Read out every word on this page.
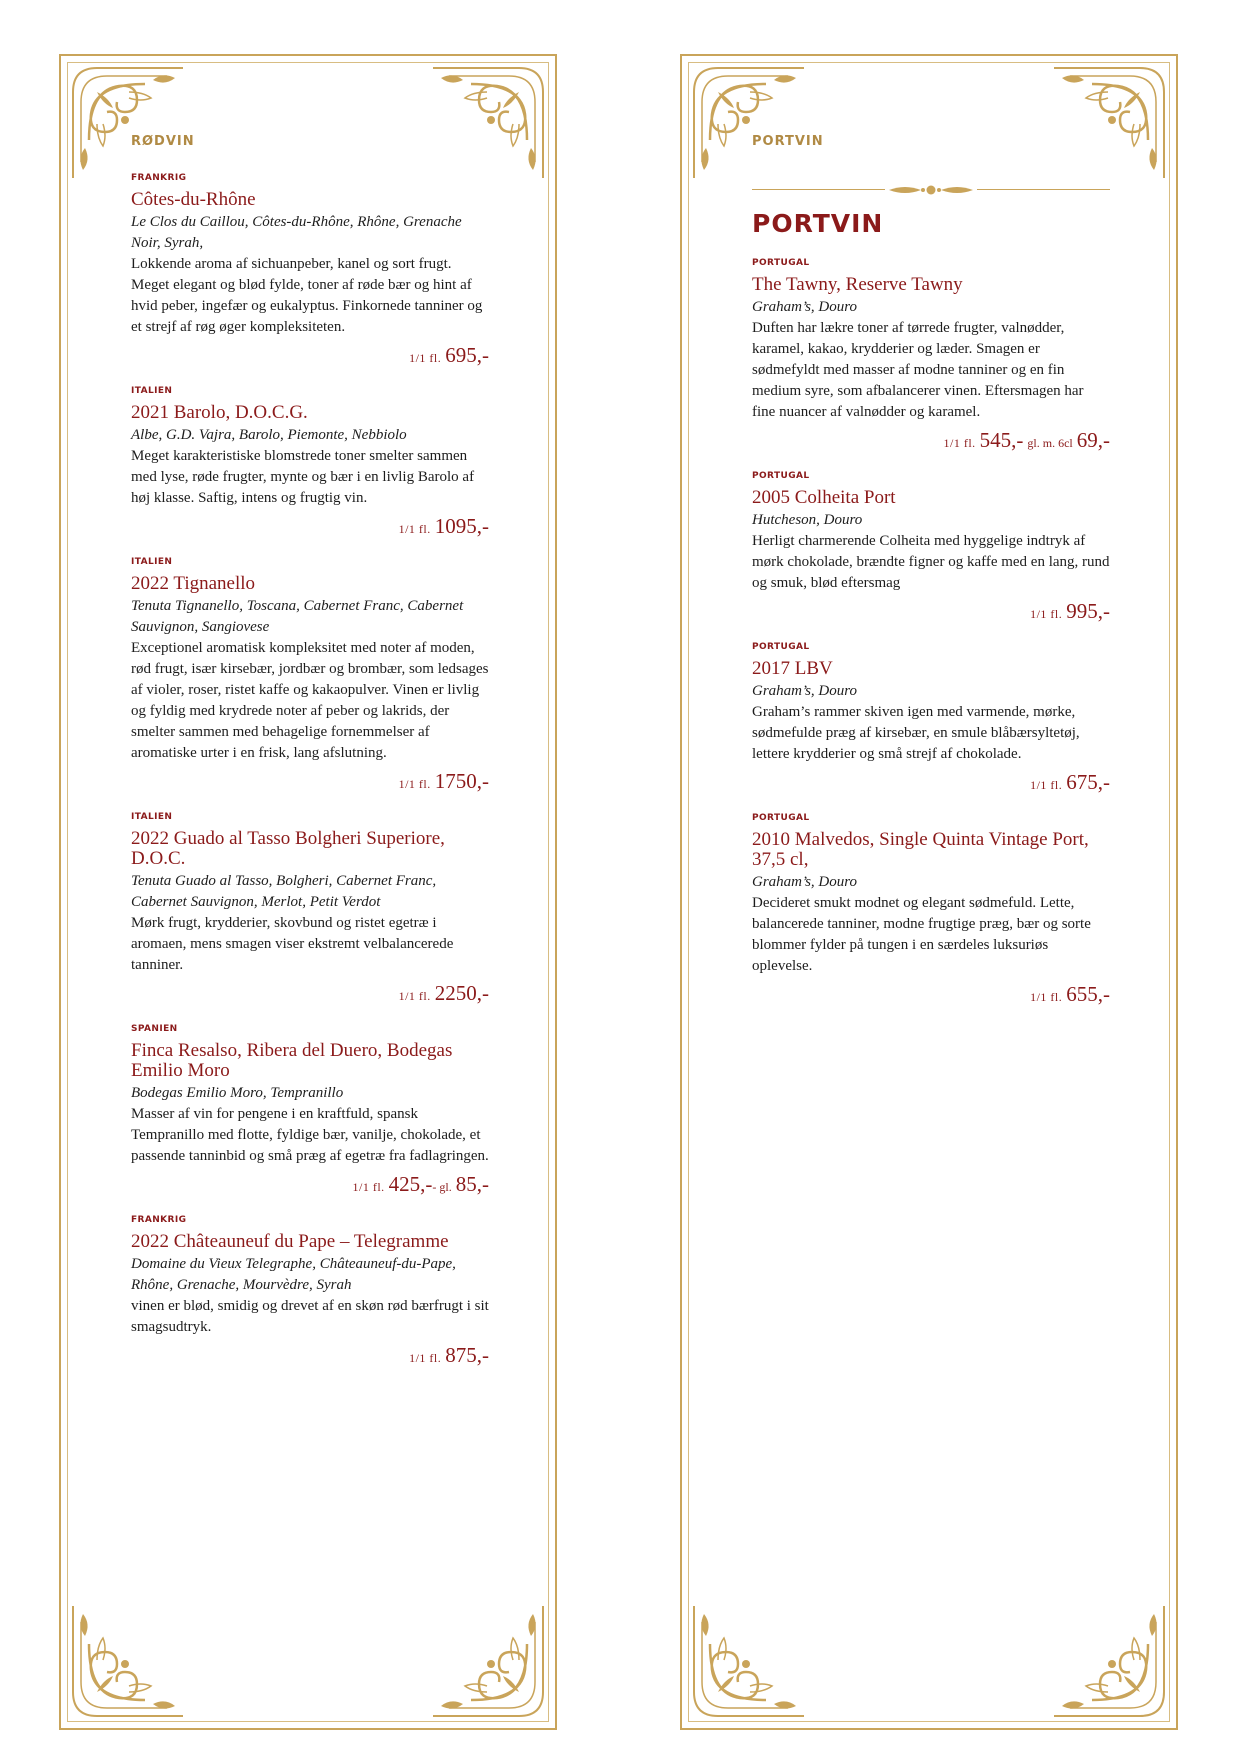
RØDVIN
FRANKRIG
Côtes-du-Rhône
Le Clos du Caillou, Côtes-du-Rhône, Rhône, Grenache Noir, Syrah,
Lokkende aroma af sichuanpeber, kanel og sort frugt. Meget elegant og blød fylde, toner af røde bær og hint af hvid peber, ingefær og eukalyptus. Finkornede tanniner og et strejf af røg øger kompleksiteten.
1/1 fl. 695,-
ITALIEN
2021 Barolo, D.O.C.G.
Albe, G.D. Vajra, Barolo, Piemonte, Nebbiolo
Meget karakteristiske blomstrede toner smelter sammen med lyse, røde frugter, mynte og bær i en livlig Barolo af høj klasse. Saftig, intens og frugtig vin.
1/1 fl. 1095,-
ITALIEN
2022 Tignanello
Tenuta Tignanello, Toscana, Cabernet Franc, Cabernet Sauvignon, Sangiovese
Exceptionel aromatisk kompleksitet med noter af moden, rød frugt, især kirsebær, jordbær og brombær, som ledsages af violer, roser, ristet kaffe og kakaopulver. Vinen er livlig og fyldig med krydrede noter af peber og lakrids, der smelter sammen med behagelige fornemmelser af aromatiske urter i en frisk, lang afslutning.
1/1 fl. 1750,-
ITALIEN
2022 Guado al Tasso Bolgheri Superiore, D.O.C.
Tenuta Guado al Tasso, Bolgheri, Cabernet Franc, Cabernet Sauvignon, Merlot, Petit Verdot
Mørk frugt, krydderier, skovbund og ristet egetræ i aromaen, mens smagen viser ekstremt velbalancerede tanniner.
1/1 fl. 2250,-
SPANIEN
Finca Resalso, Ribera del Duero, Bodegas Emilio Moro
Bodegas Emilio Moro, Tempranillo
Masser af vin for pengene i en kraftfuld, spansk Tempranillo med flotte, fyldige bær, vanilje, chokolade, et passende tanninbid og små præg af egetræ fra fadlagringen.
1/1 fl. 425,-- gl. 85,-
FRANKRIG
2022 Châteauneuf du Pape – Telegramme
Domaine du Vieux Telegraphe, Châteauneuf-du-Pape, Rhône, Grenache, Mourvèdre, Syrah
vinen er blød, smidig og drevet af en skøn rød bærfrugt i sit smagsudtryk.
1/1 fl. 875,-
PORTVIN
PORTVIN
PORTUGAL
The Tawny, Reserve Tawny
Graham’s, Douro
Duften har lækre toner af tørrede frugter, valnødder, karamel, kakao, krydderier og læder. Smagen er sødmefyldt med masser af modne tanniner og en fin medium syre, som afbalancerer vinen. Eftersmagen har fine nuancer af valnødder og karamel.
1/1 fl. 545,- gl. m. 6cl 69,-
PORTUGAL
2005 Colheita Port
Hutcheson, Douro
Herligt charmerende Colheita med hyggelige indtryk af mørk chokolade, brændte figner og kaffe med en lang, rund og smuk, blød eftersmag
1/1 fl. 995,-
PORTUGAL
2017 LBV
Graham’s, Douro
Graham’s rammer skiven igen med varmende, mørke, sødmefulde præg af kirsebær, en smule blåbærsyltetøj, lettere krydderier og små strejf af chokolade.
1/1 fl. 675,-
PORTUGAL
2010 Malvedos, Single Quinta Vintage Port, 37,5 cl,
Graham’s, Douro
Decideret smukt modnet og elegant sødmefuld. Lette, balancerede tanniner, modne frugtige præg, bær og sorte blommer fylder på tungen i en særdeles luksuriøs oplevelse.
1/1 fl. 655,-
